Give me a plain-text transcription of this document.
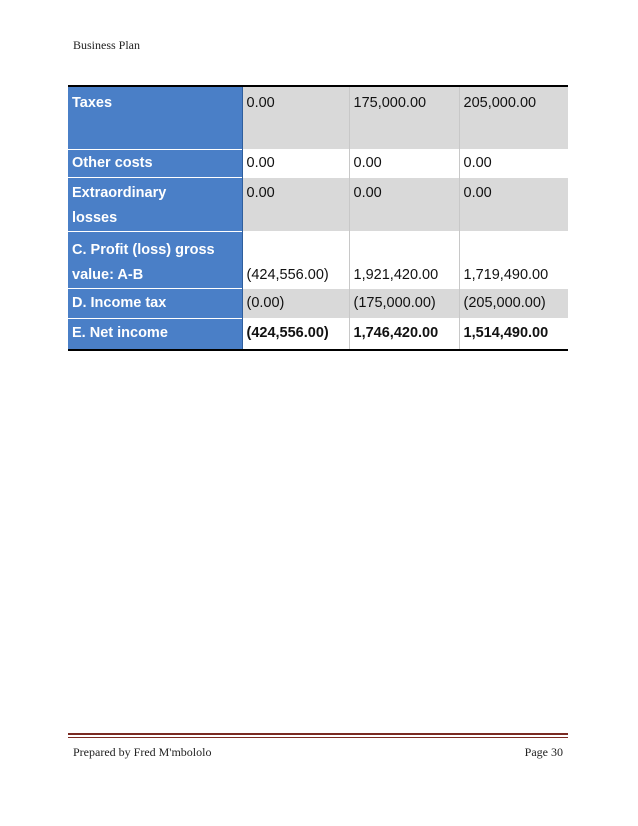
Business Plan
Taxes	0.00	175,000.00	205,000.00
Other costs	0.00	0.00	0.00

Extraordinary
losses	0.00	0.00	0.00

C. Profit (loss) gross
value: A-B	(424,556.00)	1,921,420.00	1,719,490.00
D. Income tax	(0.00)	(175,000.00)	(205,000.00)
E. Net income	(424,556.00)	1,746,420.00	1,514,490.00
Prepared by Fred M'mbololo	Page 30
